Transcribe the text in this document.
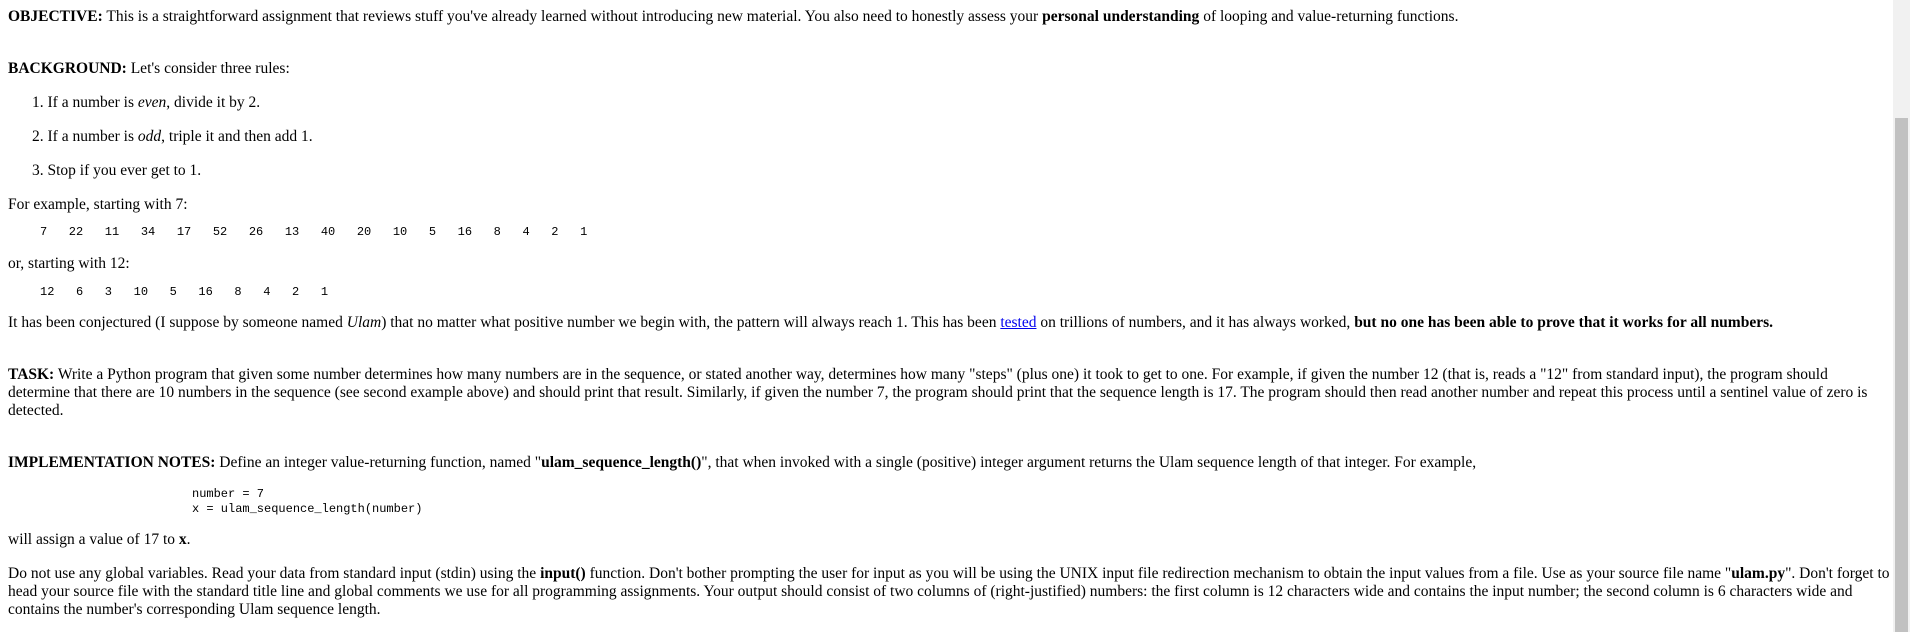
OBJECTIVE: This is a straightforward assignment that reviews stuff you've already learned without introducing new material. You also need to honestly assess your personal understanding of looping and value-returning functions.

BACKGROUND: Let's consider three rules:

1. If a number is even, divide it by 2.
2. If a number is odd, triple it and then add 1.
3. Stop if you ever get to 1.

For example, starting with 7:

7   22   11   34   17   52   26   13   40   20   10   5   16   8   4   2   1

or, starting with 12:

12   6   3   10   5   16   8   4   2   1

It has been conjectured (I suppose by someone named Ulam) that no matter what positive number we begin with, the pattern will always reach 1. This has been tested on trillions of numbers, and it has always worked, but no one has been able to prove that it works for all numbers.

TASK: Write a Python program that given some number determines how many numbers are in the sequence, or stated another way, determines how many "steps" (plus one) it took to get to one. For example, if given the number 12 (that is, reads a "12" from standard input), the program should determine that there are 10 numbers in the sequence (see second example above) and should print that result. Similarly, if given the number 7, the program should print that the sequence length is 17. The program should then read another number and repeat this process until a sentinel value of zero is detected.

IMPLEMENTATION NOTES: Define an integer value-returning function, named "ulam_sequence_length()", that when invoked with a single (positive) integer argument returns the Ulam sequence length of that integer. For example,

number = 7
x = ulam_sequence_length(number)

will assign a value of 17 to x.

Do not use any global variables. Read your data from standard input (stdin) using the input() function. Don't bother prompting the user for input as you will be using the UNIX input file redirection mechanism to obtain the input values from a file. Use as your source file name "ulam.py". Don't forget to head your source file with the standard title line and global comments we use for all programming assignments. Your output should consist of two columns of (right-justified) numbers: the first column is 12 characters wide and contains the input number; the second column is 6 characters wide and contains the number's corresponding Ulam sequence length.
